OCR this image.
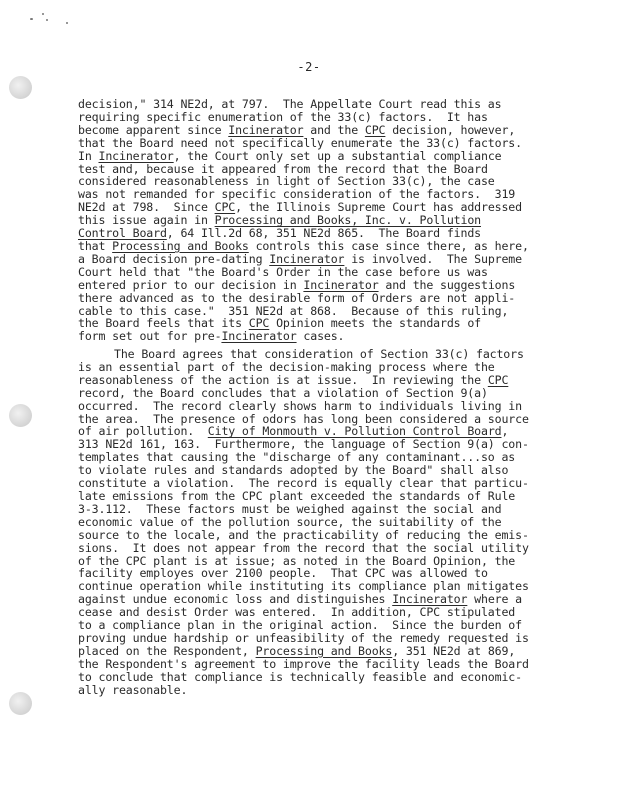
-2-
decision," 314 NE2d, at 797.  The Appellate Court read this as
requiring specific enumeration of the 33(c) factors.  It has
become apparent since Incinerator and the CPC decision, however,
that the Board need not specifically enumerate the 33(c) factors.
In Incinerator, the Court only set up a substantial compliance
test and, because it appeared from the record that the Board
considered reasonableness in light of Section 33(c), the case
was not remanded for specific consideration of the factors.  319
NE2d at 798.  Since CPC, the Illinois Supreme Court has addressed
this issue again in Processing and Books, Inc. v. Pollution
Control Board, 64 Ill.2d 68, 351 NE2d 865.  The Board finds
that Processing and Books controls this case since there, as here,
a Board decision pre-dating Incinerator is involved.  The Supreme
Court held that "the Board's Order in the case before us was
entered prior to our decision in Incinerator and the suggestions
there advanced as to the desirable form of Orders are not appli-
cable to this case."  351 NE2d at 868.  Because of this ruling,
the Board feels that its CPC Opinion meets the standards of
form set out for pre-Incinerator cases.
The Board agrees that consideration of Section 33(c) factors
is an essential part of the decision-making process where the
reasonableness of the action is at issue.  In reviewing the CPC
record, the Board concludes that a violation of Section 9(a)
occurred.  The record clearly shows harm to individuals living in
the area.  The presence of odors has long been considered a source
of air pollution.  City of Monmouth v. Pollution Control Board,
313 NE2d 161, 163.  Furthermore, the language of Section 9(a) con-
templates that causing the "discharge of any contaminant...so as
to violate rules and standards adopted by the Board" shall also
constitute a violation.  The record is equally clear that particu-
late emissions from the CPC plant exceeded the standards of Rule
3-3.112.  These factors must be weighed against the social and
economic value of the pollution source, the suitability of the
source to the locale, and the practicability of reducing the emis-
sions.  It does not appear from the record that the social utility
of the CPC plant is at issue; as noted in the Board Opinion, the
facility employes over 2100 people.  That CPC was allowed to
continue operation while instituting its compliance plan mitigates
against undue economic loss and distinguishes Incinerator where a
cease and desist Order was entered.  In addition, CPC stipulated
to a compliance plan in the original action.  Since the burden of
proving undue hardship or unfeasibility of the remedy requested is
placed on the Respondent, Processing and Books, 351 NE2d at 869,
the Respondent's agreement to improve the facility leads the Board
to conclude that compliance is technically feasible and economic-
ally reasonable.
